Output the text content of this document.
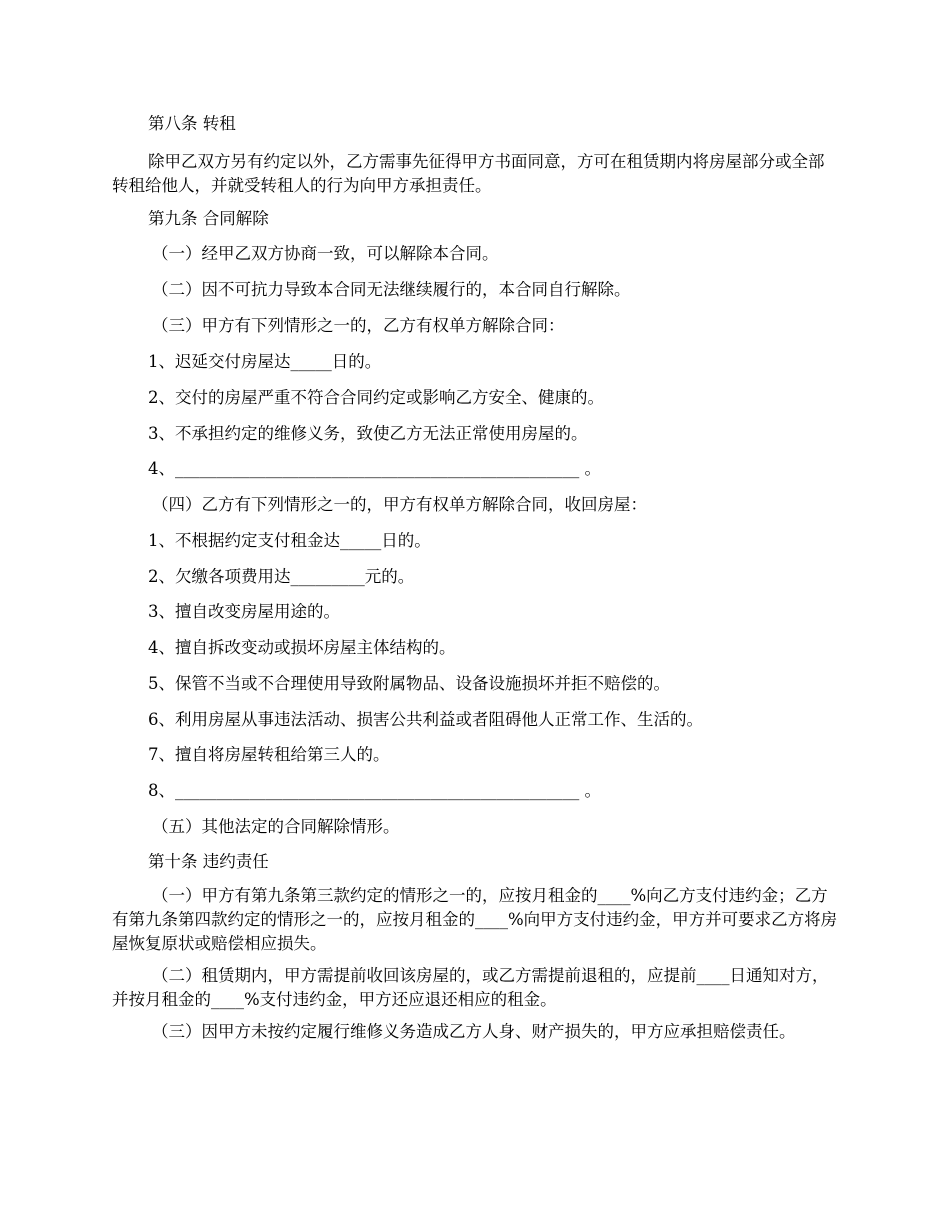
第八条 转租

除甲乙双方另有约定以外，乙方需事先征得甲方书面同意，方可在租赁期内将房屋部分或全部转租给他人，并就受转租人的行为向甲方承担责任。

第九条 合同解除

（一）经甲乙双方协商一致，可以解除本合同。

（二）因不可抗力导致本合同无法继续履行的，本合同自行解除。

（三）甲方有下列情形之一的，乙方有权单方解除合同：

1、迟延交付房屋达_____日的。

2、交付的房屋严重不符合合同约定或影响乙方安全、健康的。

3、不承担约定的维修义务，致使乙方无法正常使用房屋的。

4、_________________________________________________ 。

（四）乙方有下列情形之一的，甲方有权单方解除合同，收回房屋：

1、不根据约定支付租金达_____日的。

2、欠缴各项费用达_________元的。

3、擅自改变房屋用途的。

4、擅自拆改变动或损坏房屋主体结构的。

5、保管不当或不合理使用导致附属物品、设备设施损坏并拒不赔偿的。

6、利用房屋从事违法活动、损害公共利益或者阻碍他人正常工作、生活的。

7、擅自将房屋转租给第三人的。

8、_________________________________________________ 。

（五）其他法定的合同解除情形。

第十条 违约责任

（一）甲方有第九条第三款约定的情形之一的，应按月租金的____%向乙方支付违约金；乙方有第九条第四款约定的情形之一的，应按月租金的____%向甲方支付违约金，甲方并可要求乙方将房屋恢复原状或赔偿相应损失。

（二）租赁期内，甲方需提前收回该房屋的，或乙方需提前退租的，应提前____日通知对方，并按月租金的____%支付违约金，甲方还应退还相应的租金。

（三）因甲方未按约定履行维修义务造成乙方人身、财产损失的，甲方应承担赔偿责任。
